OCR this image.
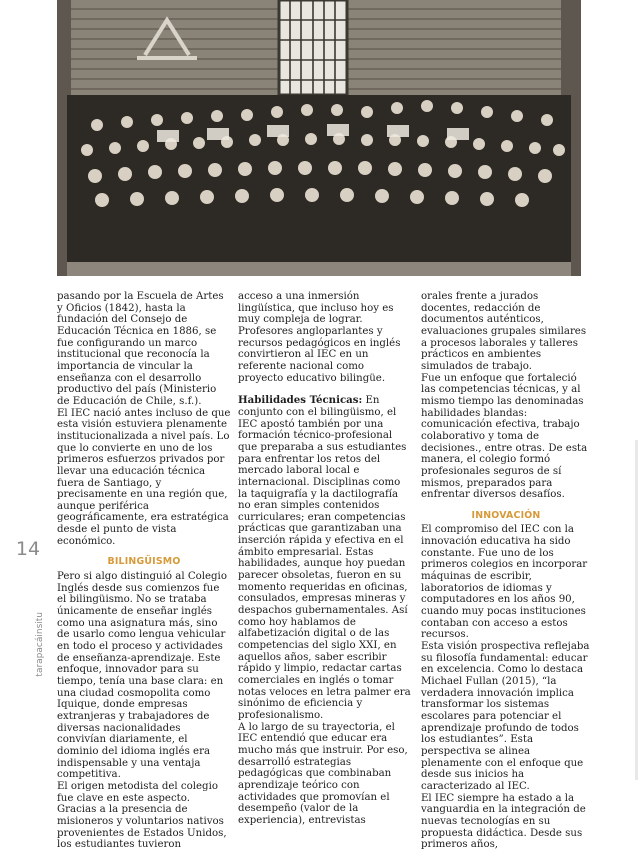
14
tarapacáinsitu

pasando por la Escuela de Artes y Oficios (1842), hasta la fundación del Consejo de Educación Técnica en 1886, se fue configurando un marco institucional que reconocía la importancia de vincular la enseñanza con el desarrollo productivo del país (Ministerio de Educación de Chile, s.f.).

El IEC nació antes incluso de que esta visión estuviera plenamente institucionalizada a nivel país. Lo que lo convierte en uno de los primeros esfuerzos privados por llevar una educación técnica fuera de Santiago, y precisamente en una región que, aunque periférica geográficamente, era estratégica desde el punto de vista económico.

BILINGÜISMO

Pero si algo distinguió al Colegio Inglés desde sus comienzos fue el bilingüismo. No se trataba únicamente de enseñar inglés como una asignatura más, sino de usarlo como lengua vehicular en todo el proceso y actividades de enseñanza-aprendizaje. Este enfoque, innovador para su tiempo, tenía una base clara: en una ciudad cosmopolita como Iquique, donde empresas extranjeras y trabajadores de diversas nacionalidades convivían diariamente, el dominio del idioma inglés era indispensable y una ventaja competitiva.

El origen metodista del colegio fue clave en este aspecto. Gracias a la presencia de misioneros y voluntarios nativos provenientes de Estados Unidos, los estudiantes tuvieron

acceso a una inmersión lingüística, que incluso hoy es muy compleja de lograr. Profesores angloparlantes y recursos pedagógicos en inglés convirtieron al IEC en un referente nacional como proyecto educativo bilingüe.

Habilidades Técnicas: En conjunto con el bilingüismo, el IEC apostó también por una formación técnico-profesional que preparaba a sus estudiantes para enfrentar los retos del mercado laboral local e internacional. Disciplinas como la taquigrafía y la dactilografía no eran simples contenidos curriculares; eran competencias prácticas que garantizaban una inserción rápida y efectiva en el ámbito empresarial. Estas habilidades, aunque hoy puedan parecer obsoletas, fueron en su momento requeridas en oficinas, consulados, empresas mineras y despachos gubernamentales. Así como hoy hablamos de alfabetización digital o de las competencias del siglo XXI, en aquellos años, saber escribir rápido y limpio, redactar cartas comerciales en inglés o tomar notas veloces en letra palmer era sinónimo de eficiencia y profesionalismo.

A lo largo de su trayectoria, el IEC entendió que educar era mucho más que instruir. Por eso, desarrolló estrategias pedagógicas que combinaban aprendizaje teórico con actividades que promovían el desempeño (valor de la experiencia), entrevistas

orales frente a jurados docentes, redacción de documentos auténticos, evaluaciones grupales similares a procesos laborales y talleres prácticos en ambientes simulados de trabajo.

Fue un enfoque que fortaleció las competencias técnicas, y al mismo tiempo las denominadas habilidades blandas: comunicación efectiva, trabajo colaborativo y toma de decisiones., entre otras. De esta manera, el colegio formó profesionales seguros de sí mismos, preparados para enfrentar diversos desafíos.

INNOVACIÓN

El compromiso del IEC con la innovación educativa ha sido constante. Fue uno de los primeros colegios en incorporar máquinas de escribir, laboratorios de idiomas y computadores en los años 90, cuando muy pocas instituciones contaban con acceso a estos recursos.

Esta visión prospectiva reflejaba su filosofía fundamental: educar en excelencia. Como lo destaca Michael Fullan (2015), “la verdadera innovación implica transformar los sistemas escolares para potenciar el aprendizaje profundo de todos los estudiantes”. Esta perspectiva se alinea plenamente con el enfoque que desde sus inicios ha caracterizado al IEC.

El IEC siempre ha estado a la vanguardia en la integración de nuevas tecnologías en su propuesta didáctica. Desde sus primeros años,
